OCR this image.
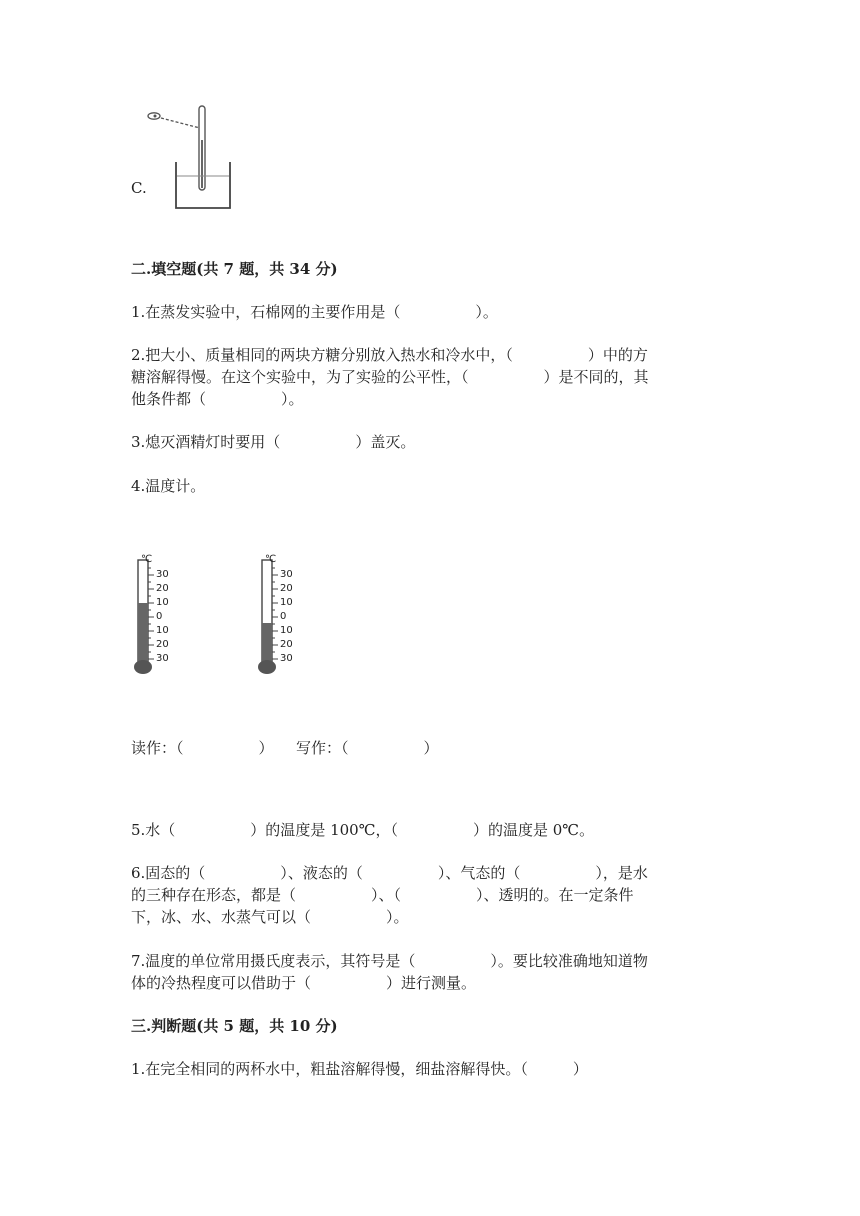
C.
二.填空题(共 7 题，共 34 分)
1.在蒸发实验中，石棉网的主要作用是（　　　　　）。
2.把大小、质量相同的两块方糖分别放入热水和冷水中，（　　　　　）中的方
糖溶解得慢。在这个实验中，为了实验的公平性，（　　　　　）是不同的，其
他条件都（　　　　　）。
3.熄灭酒精灯时要用（　　　　　）盖灭。
4.温度计。
℃
30
20
10
0
10
20
30
℃
30
20
10
0
10
20
30
读作：（　　　　　）　　写作：（　　　　　）
5.水（　　　　　）的温度是 100℃，（　　　　　）的温度是 0℃。
6.固态的（　　　　　）、液态的（　　　　　）、气态的（　　　　　），是水
的三种存在形态，都是（　　　　　）、（　　　　　）、透明的。在一定条件
下，冰、水、水蒸气可以（　　　　　）。
7.温度的单位常用摄氏度表示，其符号是（　　　　　）。要比较准确地知道物
体的冷热程度可以借助于（　　　　　）进行测量。
三.判断题(共 5 题，共 10 分)
1.在完全相同的两杯水中，粗盐溶解得慢，细盐溶解得快。（　　　）
